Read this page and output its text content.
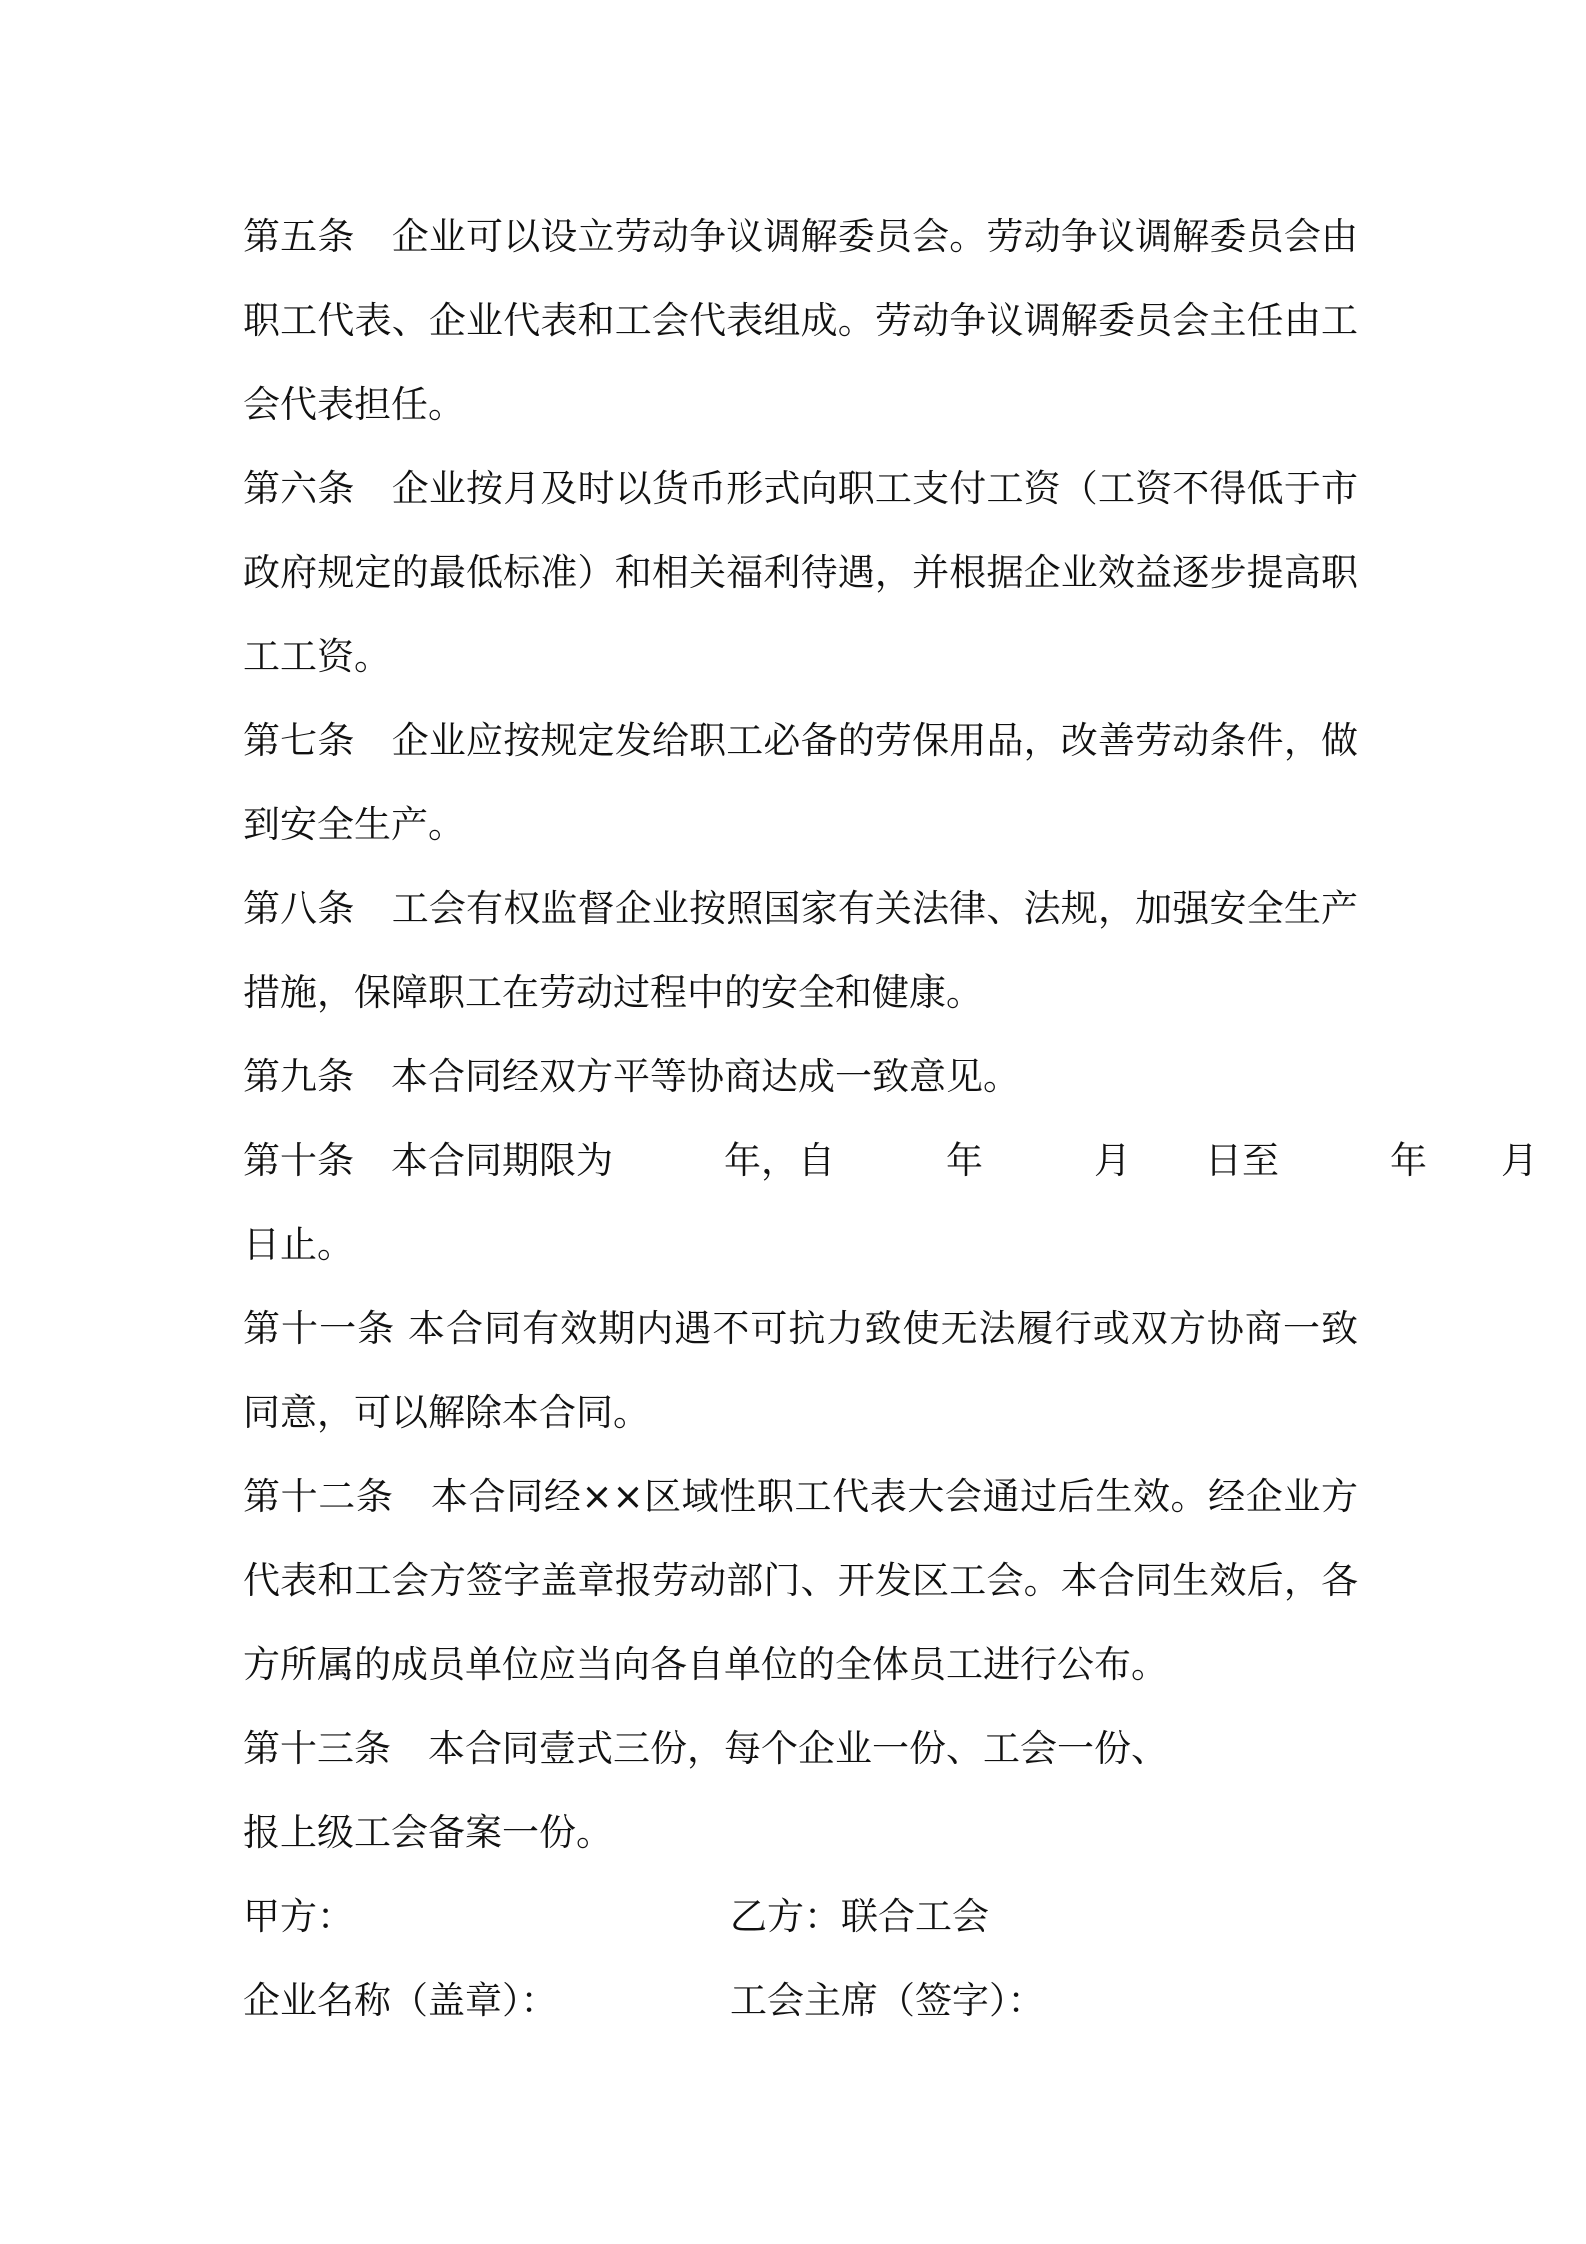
第五条　企业可以设立劳动争议调解委员会。劳动争议调解委员会由
职工代表、企业代表和工会代表组成。劳动争议调解委员会主任由工
会代表担任。
第六条　企业按月及时以货币形式向职工支付工资（工资不得低于市
政府规定的最低标准）和相关福利待遇，并根据企业效益逐步提高职
工工资。
第七条　企业应按规定发给职工必备的劳保用品，改善劳动条件，做
到安全生产。
第八条　工会有权监督企业按照国家有关法律、法规，加强安全生产
措施，保障职工在劳动过程中的安全和健康。
第九条　本合同经双方平等协商达成一致意见。
第十条　本合同期限为　　　年，自　　　年　　　月　　日至　　　年　　月
日止。
第十一条 本合同有效期内遇不可抗力致使无法履行或双方协商一致
同意，可以解除本合同。
第十二条　本合同经××区域性职工代表大会通过后生效。经企业方
代表和工会方签字盖章报劳动部门、开发区工会。本合同生效后，各
方所属的成员单位应当向各自单位的全体员工进行公布。
第十三条　本合同壹式三份，每个企业一份、工会一份、
报上级工会备案一份。
甲方：	乙方：联合工会
企业名称（盖章）：	工会主席（签字）：
